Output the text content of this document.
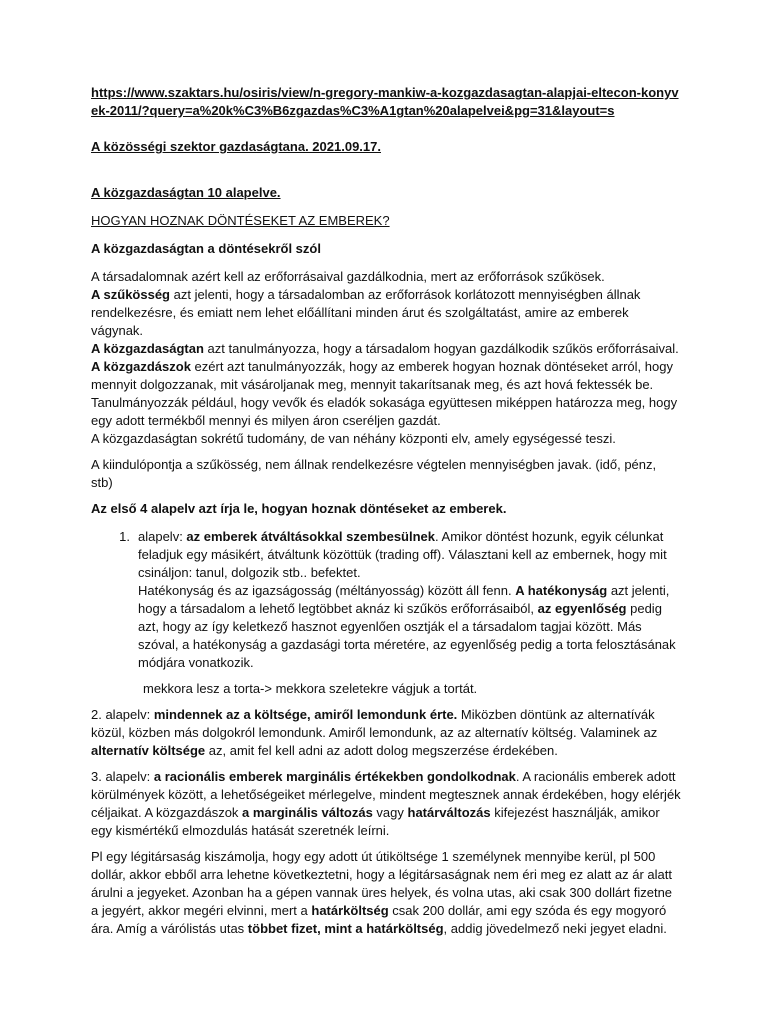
https://www.szaktars.hu/osiris/view/n-gregory-mankiw-a-kozgazdasagtan-alapjai-eltecon-konyvek-2011/?query=a%20k%C3%B6zgazdas%C3%A1gtan%20alapelvei&pg=31&layout=s

A közösségi szektor gazdaságtana. 2021.09.17.

A közgazdaságtan 10 alapelve.

HOGYAN HOZNAK DÖNTÉSEKET AZ EMBEREK?

A közgazdaságtan a döntésekről szól

A társadalomnak azért kell az erőforrásaival gazdálkodnia, mert az erőforrások szűkösek.
A szűkösség azt jelenti, hogy a társadalomban az erőforrások korlátozott mennyiségben állnak rendelkezésre, és emiatt nem lehet előállítani minden árut és szolgáltatást, amire az emberek vágynak.
A közgazdaságtan azt tanulmányozza, hogy a társadalom hogyan gazdálkodik szűkös erőforrásaival.
A közgazdászok ezért azt tanulmányozzák, hogy az emberek hogyan hoznak döntéseket arról, hogy mennyit dolgozzanak, mit vásároljanak meg, mennyit takarítsanak meg, és azt hová fektessék be. Tanulmányozzák például, hogy vevők és eladók sokasága együttesen miképpen határozza meg, hogy egy adott termékből mennyi és milyen áron cseréljen gazdát.
A közgazdaságtan sokrétű tudomány, de van néhány központi elv, amely egységessé teszi.

A kiindulópontja a szűkösség, nem állnak rendelkezésre végtelen mennyiségben javak. (idő, pénz, stb)

Az első 4 alapelv azt írja le, hogyan hoznak döntéseket az emberek.

1. alapelv: az emberek átváltásokkal szembesülnek. Amikor döntést hozunk, egyik célunkat feladjuk egy másikért, átváltunk közöttük (trading off). Választani kell az embernek, hogy mit csináljon: tanul, dolgozik stb.. befektet.
Hatékonyság és az igazságosság (méltányosság) között áll fenn. A hatékonyság azt jelenti, hogy a társadalom a lehető legtöbbet aknáz ki szűkös erőforrásaiból, az egyenlőség pedig azt, hogy az így keletkező hasznot egyenlően osztják el a társadalom tagjai között. Más szóval, a hatékonyság a gazdasági torta méretére, az egyenlőség pedig a torta felosztásának módjára vonatkozik.

mekkora lesz a torta-> mekkora szeletekre vágjuk a tortát.

2. alapelv: mindennek az a költsége, amiről lemondunk érte. Miközben döntünk az alternatívák közül, közben más dolgokról lemondunk. Amiről lemondunk, az az alternatív költség. Valaminek az alternatív költsége az, amit fel kell adni az adott dolog megszerzése érdekében.

3. alapelv: a racionális emberek marginális értékekben gondolkodnak. A racionális emberek adott körülmények között, a lehetőségeiket mérlegelve, mindent megtesznek annak érdekében, hogy elérjék céljaikat. A közgazdászok a marginális változás vagy határváltozás kifejezést használják, amikor egy kismértékű elmozdulás hatását szeretnék leírni.

Pl egy légitársaság kiszámolja, hogy egy adott út útiköltsége 1 személynek mennyibe kerül, pl 500 dollár, akkor ebből arra lehetne következtetni, hogy a légitársaságnak nem éri meg ez alatt az ár alatt árulni a jegyeket. Azonban ha a gépen vannak üres helyek, és volna utas, aki csak 300 dollárt fizetne a jegyért, akkor megéri elvinni, mert a határköltség csak 200 dollár, ami egy szóda és egy mogyoró ára. Amíg a várólistás utas többet fizet, mint a határköltség, addig jövedelmező neki jegyet eladni.
